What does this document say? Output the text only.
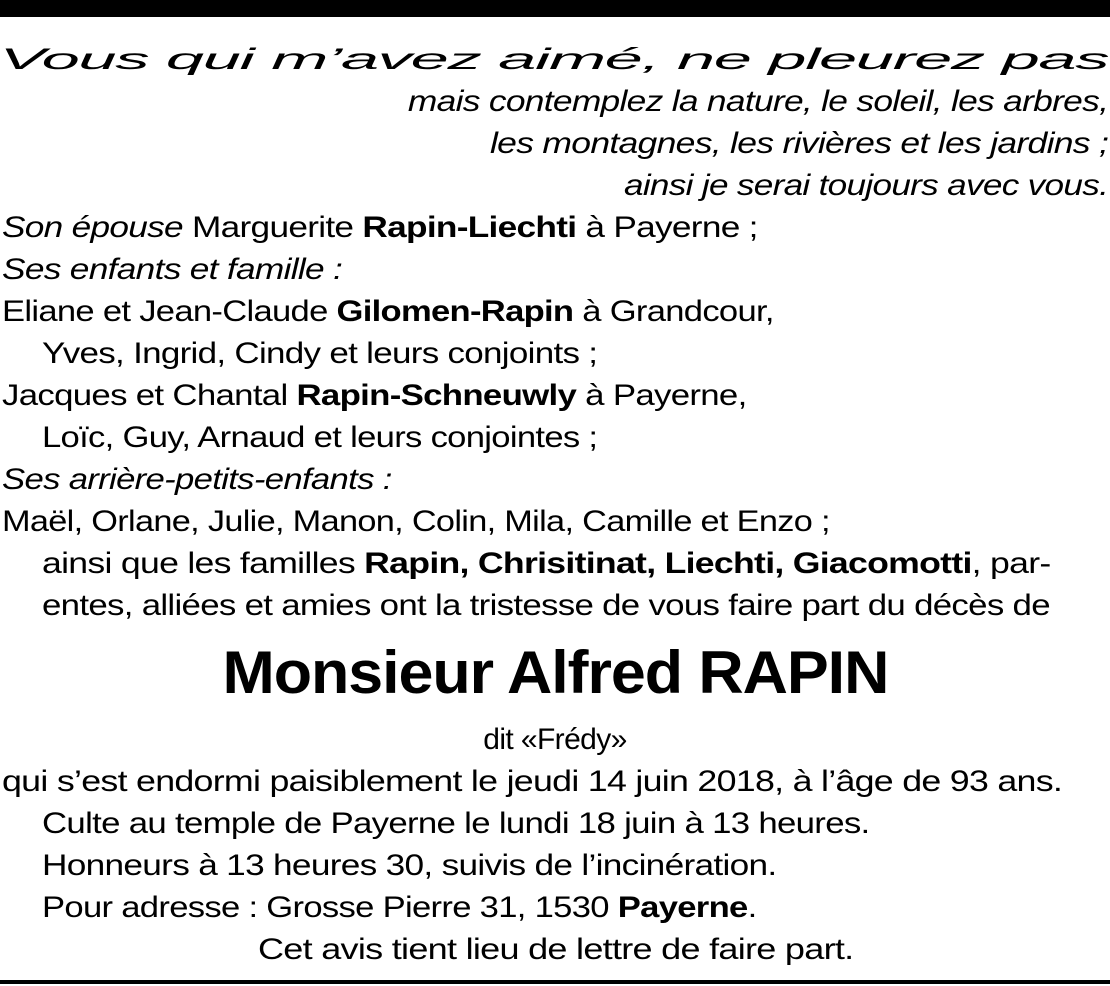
Vous qui m’avez aimé, ne pleurez pas
mais contemplez la nature, le soleil, les arbres,
les montagnes, les rivières et les jardins ;
ainsi je serai toujours avec vous.
Son épouse Marguerite Rapin-Liechti à Payerne ;
Ses enfants et famille :
Eliane et Jean-Claude Gilomen-Rapin à Grandcour,
Yves, Ingrid, Cindy et leurs conjoints ;
Jacques et Chantal Rapin-Schneuwly à Payerne,
Loïc, Guy, Arnaud et leurs conjointes ;
Ses arrière-petits-enfants :
Maël, Orlane, Julie, Manon, Colin, Mila, Camille et Enzo ;
ainsi que les familles Rapin, Chrisitinat, Liechti, Giacomotti, par-
entes, alliées et amies ont la tristesse de vous faire part du décès de
Monsieur Alfred RAPIN
dit «Frédy»
qui s’est endormi paisiblement le jeudi 14 juin 2018, à l’âge de 93 ans.
Culte au temple de Payerne le lundi 18 juin à 13 heures.
Honneurs à 13 heures 30, suivis de l’incinération.
Pour adresse : Grosse Pierre 31, 1530 Payerne.
Cet avis tient lieu de lettre de faire part.
